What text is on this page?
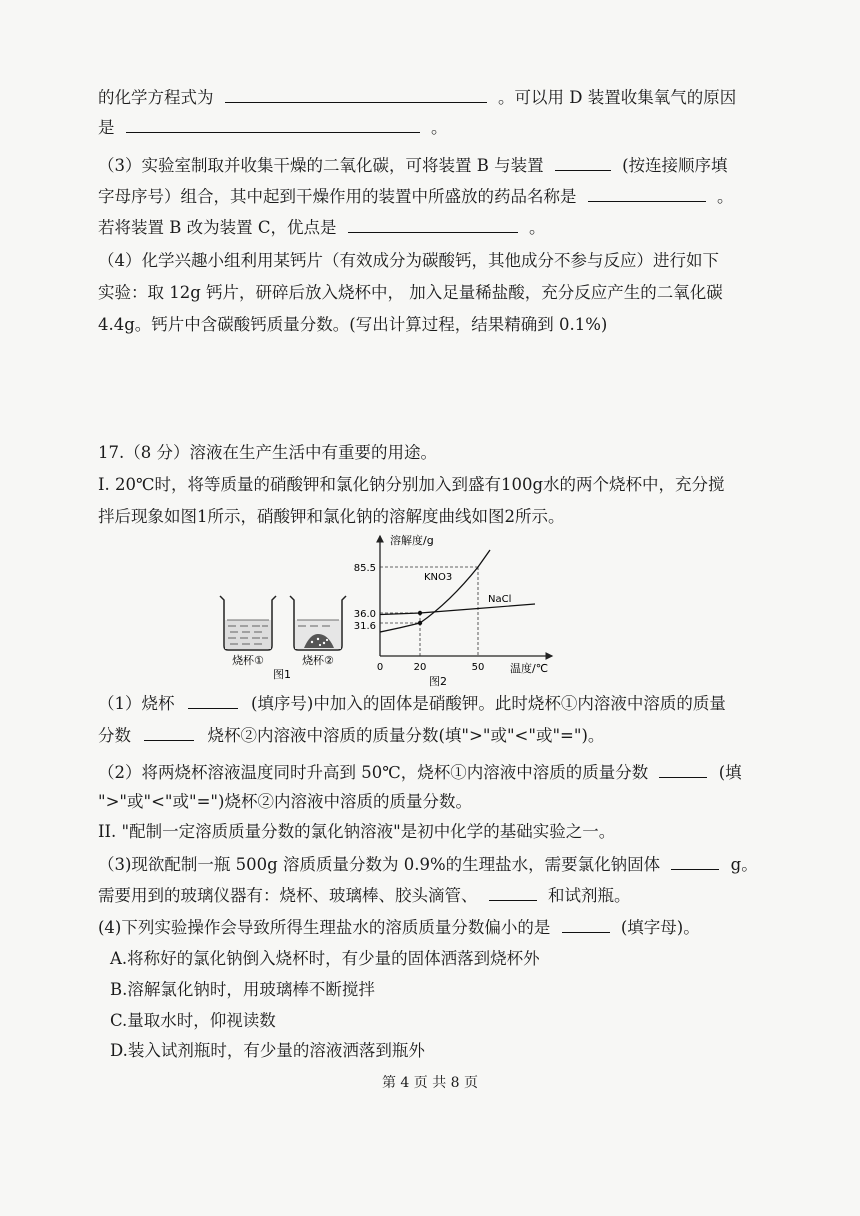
的化学方程式为	。可以用 D 装置收集氧气的原因
是	。
（3）实验室制取并收集干燥的二氧化碳，可将装置 B 与装置	(按连接顺序填
字母序号）组合，其中起到干燥作用的装置中所盛放的药品名称是	。
若将装置 B 改为装置 C，优点是	。
（4）化学兴趣小组利用某钙片（有效成分为碳酸钙，其他成分不参与反应）进行如下
实验：取 12g 钙片，研碎后放入烧杯中， 加入足量稀盐酸，充分反应产生的二氧化碳
4.4g。钙片中含碳酸钙质量分数。(写出计算过程，结果精确到 0.1%)
17.（8 分）溶液在生产生活中有重要的用途。
I. 20℃时，将等质量的硝酸钾和氯化钠分别加入到盛有100g水的两个烧杯中，充分搅
拌后现象如图1所示，硝酸钾和氯化钠的溶解度曲线如图2所示。
烧杯①	烧杯②
图1
溶解度/g
温度/℃
85.5
36.0
31.6
0	20	50
KNO3
NaCl
图2
（1）烧杯	(填序号)中加入的固体是硝酸钾。此时烧杯①内溶液中溶质的质量
分数	烧杯②内溶液中溶质的质量分数(填">"或"<"或"=")。
（2）将两烧杯溶液温度同时升高到 50℃，烧杯①内溶液中溶质的质量分数	(填
">"或"<"或"=")烧杯②内溶液中溶质的质量分数。
II. "配制一定溶质质量分数的氯化钠溶液"是初中化学的基础实验之一。
（3)现欲配制一瓶 500g 溶质质量分数为 0.9%的生理盐水，需要氯化钠固体	g。
需要用到的玻璃仪器有：烧杯、玻璃棒、胶头滴管、	和试剂瓶。
(4)下列实验操作会导致所得生理盐水的溶质质量分数偏小的是	(填字母)。
A.将称好的氯化钠倒入烧杯时，有少量的固体洒落到烧杯外
B.溶解氯化钠时，用玻璃棒不断搅拌
C.量取水时，仰视读数
D.装入试剂瓶时，有少量的溶液洒落到瓶外
第 4 页 共 8 页
